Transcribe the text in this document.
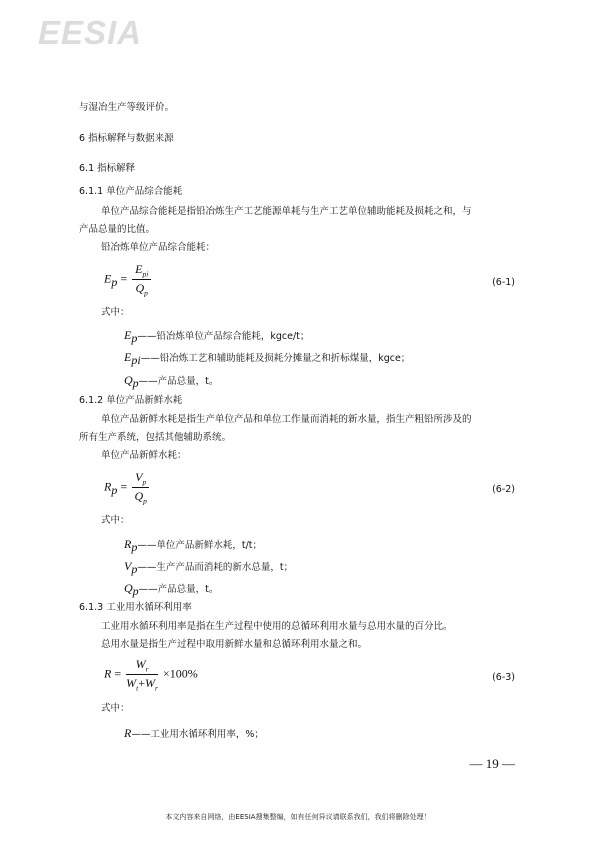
EESIA
与湿冶生产等级评价。
6 指标解释与数据来源
6.1 指标解释
6.1.1 单位产品综合能耗
单位产品综合能耗是指铅冶炼生产工艺能源单耗与生产工艺单位辅助能耗及损耗之和，与
产品总量的比值。
铅冶炼单位产品综合能耗：
$E_p = \frac{E_{pi}}{Q_p}$	(6-1)
式中：
$E_p——$铅冶炼单位产品综合能耗，kgce/t；
$E_{pi}——$铅冶炼工艺和辅助能耗及损耗分摊量之和折标煤量，kgce；
$Q_p——$产品总量，t。
6.1.2 单位产品新鲜水耗
单位产品新鲜水耗是指生产单位产品和单位工作量而消耗的新水量，指生产粗铅所涉及的
所有生产系统，包括其他辅助系统。
单位产品新鲜水耗：
$R_p = \frac{V_p}{Q_p}$	(6-2)
式中：
$R_p——$单位产品新鲜水耗，t/t；
$V_p——$生产产品而消耗的新水总量，t；
$Q_p——$产品总量，t。
6.1.3 工业用水循环利用率
工业用水循环利用率是指在生产过程中使用的总循环利用水量与总用水量的百分比。
总用水量是指生产过程中取用新鲜水量和总循环利用水量之和。
$R = \frac{W_r}{W_t+W_r} \times 100\%$	(6-3)
式中：
R——工业用水循环利用率，%；
— 19 —
本文内容来自网络，由EESIA搜集整编，如有任何异议请联系我们，我们将删除处理！
